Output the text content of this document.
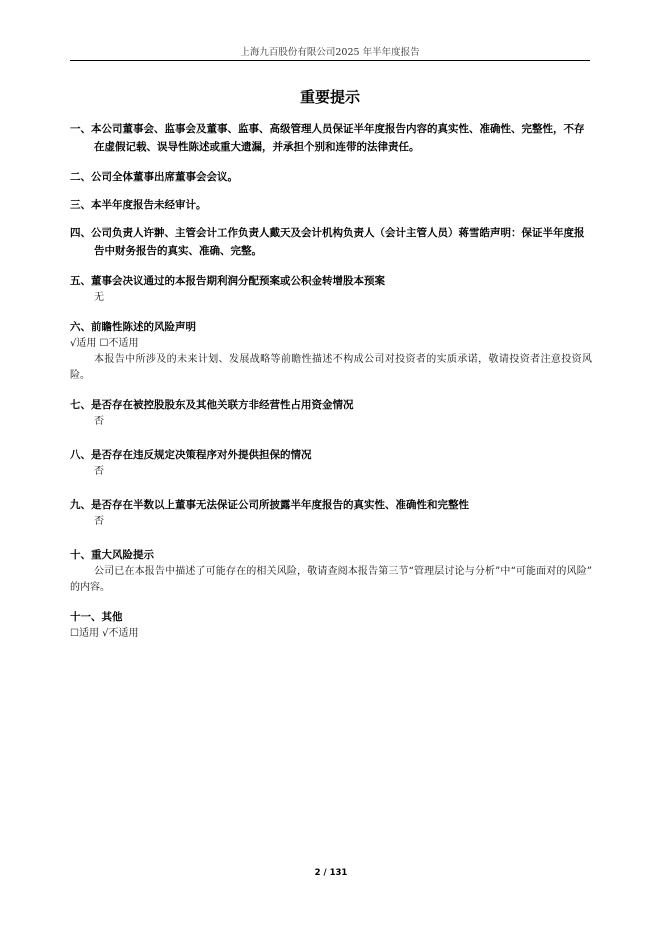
上海九百股份有限公司2025 年半年度报告
重要提示

一、本公司董事会、监事会及董事、监事、高级管理人员保证半年度报告内容的真实性、准确性、完整性，不存在虚假记载、误导性陈述或重大遗漏，并承担个别和连带的法律责任。

二、公司全体董事出席董事会会议。

三、本半年度报告未经审计。

四、公司负责人许翀、主管会计工作负责人戴天及会计机构负责人（会计主管人员）蒋雪皓声明：保证半年度报告中财务报告的真实、准确、完整。

五、董事会决议通过的本报告期利润分配预案或公积金转增股本预案

无

六、前瞻性陈述的风险声明

√适用 ☐不适用

本报告中所涉及的未来计划、发展战略等前瞻性描述不构成公司对投资者的实质承诺，敬请投资者注意投资风险。

七、是否存在被控股股东及其他关联方非经营性占用资金情况

否

八、是否存在违反规定决策程序对外提供担保的情况

否

九、是否存在半数以上董事无法保证公司所披露半年度报告的真实性、准确性和完整性

否

十、重大风险提示

公司已在本报告中描述了可能存在的相关风险，敬请查阅本报告第三节“管理层讨论与分析”中“可能面对的风险” 的内容。

十一、其他

☐适用 √不适用

2 / 131
